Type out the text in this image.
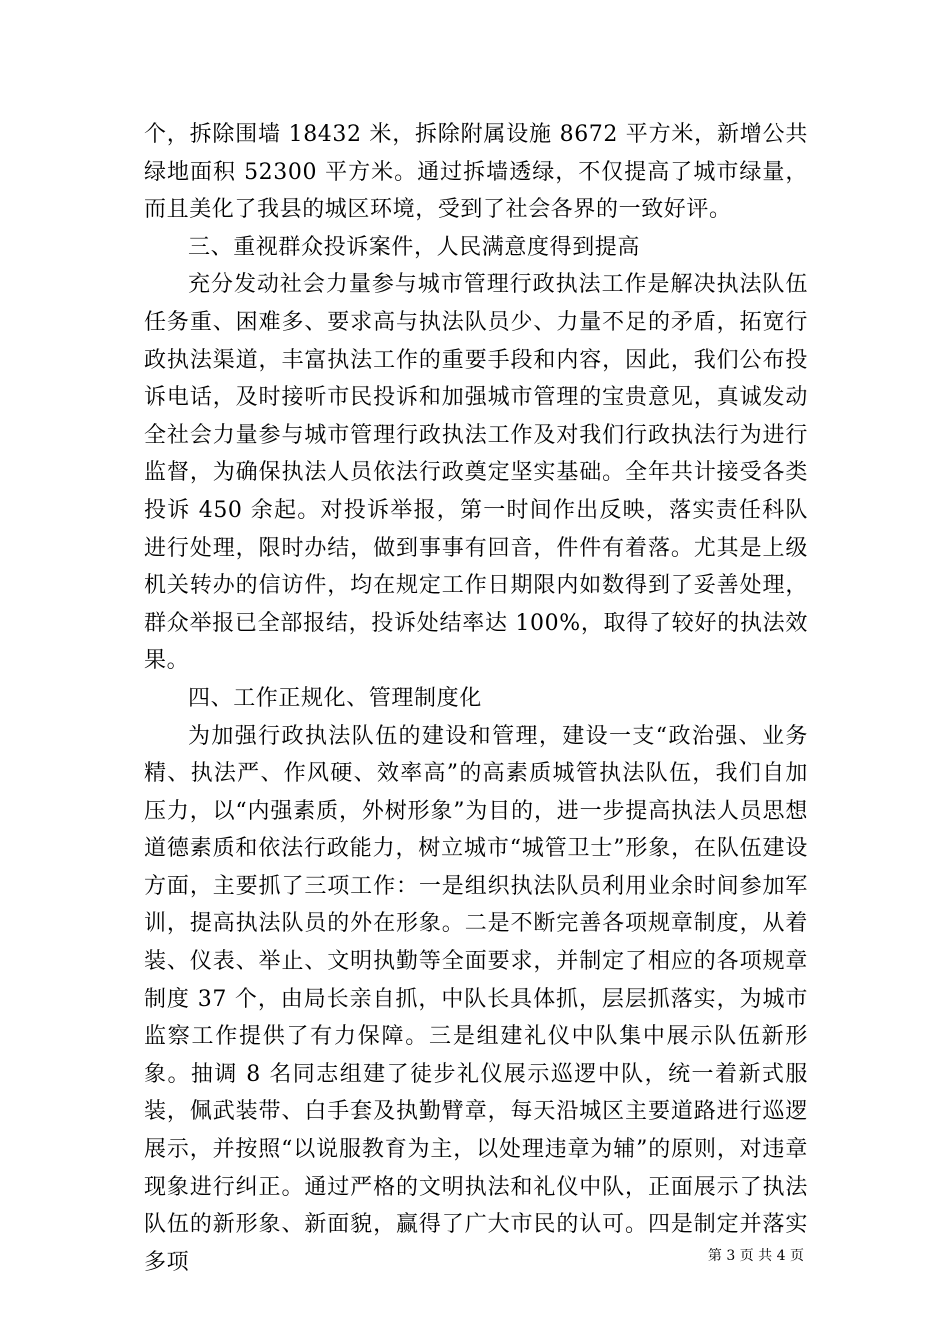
个，拆除围墙 18432 米，拆除附属设施 8672 平方米，新增公共绿地面积 52300 平方米。通过拆墙透绿，不仅提高了城市绿量，而且美化了我县的城区环境，受到了社会各界的一致好评。

三、重视群众投诉案件，人民满意度得到提高

充分发动社会力量参与城市管理行政执法工作是解决执法队伍任务重、困难多、要求高与执法队员少、力量不足的矛盾，拓宽行政执法渠道，丰富执法工作的重要手段和内容，因此，我们公布投诉电话，及时接听市民投诉和加强城市管理的宝贵意见，真诚发动全社会力量参与城市管理行政执法工作及对我们行政执法行为进行监督，为确保执法人员依法行政奠定坚实基础。全年共计接受各类投诉 450 余起。对投诉举报，第一时间作出反映，落实责任科队进行处理，限时办结，做到事事有回音，件件有着落。尤其是上级机关转办的信访件，均在规定工作日期限内如数得到了妥善处理，群众举报已全部报结，投诉处结率达 100%，取得了较好的执法效果。

四、工作正规化、管理制度化

为加强行政执法队伍的建设和管理，建设一支“政治强、业务精、执法严、作风硬、效率高”的高素质城管执法队伍，我们自加压力，以“内强素质，外树形象”为目的，进一步提高执法人员思想道德素质和依法行政能力，树立城市“城管卫士”形象，在队伍建设方面，主要抓了三项工作：一是组织执法队员利用业余时间参加军训，提高执法队员的外在形象。二是不断完善各项规章制度，从着装、仪表、举止、文明执勤等全面要求，并制定了相应的各项规章制度 37 个，由局长亲自抓，中队长具体抓，层层抓落实，为城市监察工作提供了有力保障。三是组建礼仪中队集中展示队伍新形象。抽调 8 名同志组建了徒步礼仪展示巡逻中队，统一着新式服装，佩武装带、白手套及执勤臂章，每天沿城区主要道路进行巡逻展示，并按照“以说服教育为主，以处理违章为辅”的原则，对违章现象进行纠正。通过严格的文明执法和礼仪中队，正面展示了执法队伍的新形象、新面貌，赢得了广大市民的认可。四是制定并落实多项	第 3 页 共 4 页
